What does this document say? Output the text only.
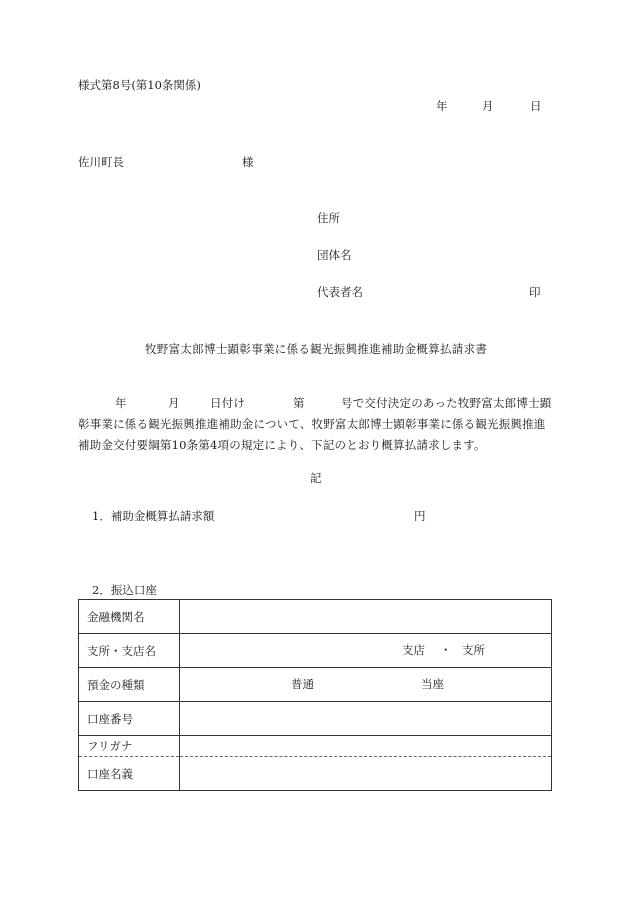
様式第8号(第10条関係)
年	月	日
佐川町長	様
住所
団体名
代表者名	印
牧野富太郎博士顕彰事業に係る観光振興推進補助金概算払請求書
年	月	日付け	第	号で交付決定のあった牧野富太郎博士顕
彰事業に係る観光振興推進補助金について、牧野富太郎博士顕彰事業に係る観光振興推進
補助金交付要綱第10条第4項の規定により、下記のとおり概算払請求します。
記
1．補助金概算払請求額	円
2．振込口座
金融機関名	
支所・支店名	支店 ・ 支所

預金の種類	普通 当座

口座番号	
フリガナ	
口座名義	
